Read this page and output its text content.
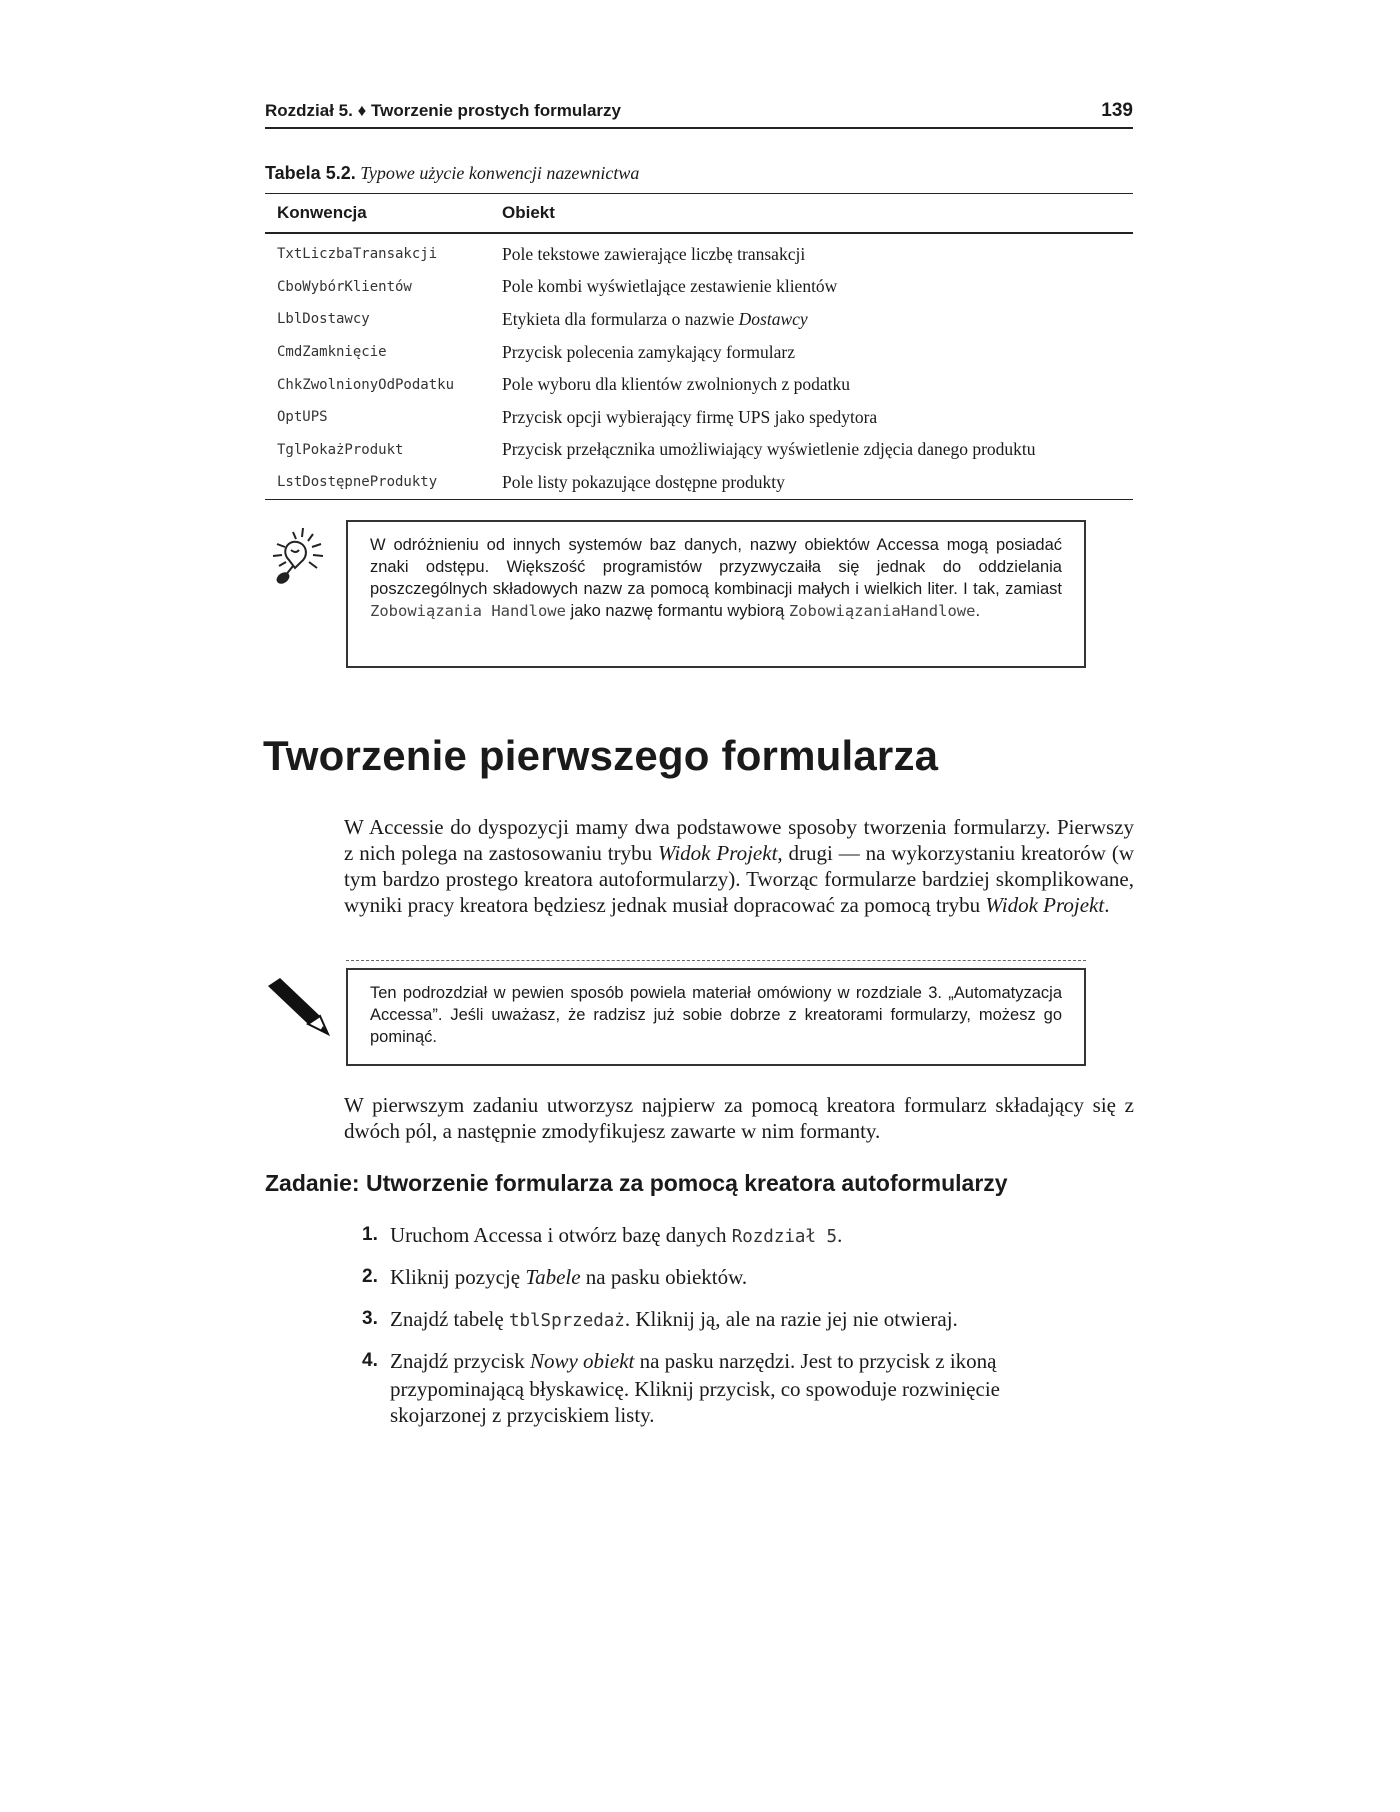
Rozdział 5. ♦ Tworzenie prostych formularzy	139
Tabela 5.2. Typowe użycie konwencji nazewnictwa
Konwencja	Obiekt
TxtLiczbaTransakcji	Pole tekstowe zawierające liczbę transakcji
CboWybórKlientów	Pole kombi wyświetlające zestawienie klientów
LblDostawcy	Etykieta dla formularza o nazwie Dostawcy
CmdZamknięcie	Przycisk polecenia zamykający formularz
ChkZwolnionyOdPodatku	Pole wyboru dla klientów zwolnionych z podatku
OptUPS	Przycisk opcji wybierający firmę UPS jako spedytora
TglPokażProdukt	Przycisk przełącznika umożliwiający wyświetlenie zdjęcia danego produktu
LstDostępneProdukty	Pole listy pokazujące dostępne produkty
W odróżnieniu od innych systemów baz danych, nazwy obiektów Accessa mogą posiadać znaki odstępu. Większość programistów przyzwyczaiła się jednak do oddzielania poszczególnych składowych nazw za pomocą kombinacji małych i wielkich liter. I tak, zamiast Zobowiązania Handlowe jako nazwę formantu wybiorą ZobowiązaniaHandlowe.
Tworzenie pierwszego formularza

W Accessie do dyspozycji mamy dwa podstawowe sposoby tworzenia formularzy. Pierwszy z nich polega na zastosowaniu trybu Widok Projekt, drugi — na wykorzystaniu kreatorów (w tym bardzo prostego kreatora autoformularzy). Tworząc formularze bardziej skomplikowane, wyniki pracy kreatora będziesz jednak musiał dopracować za pomocą trybu Widok Projekt.

Ten podrozdział w pewien sposób powiela materiał omówiony w rozdziale 3. „Automatyzacja Accessa”. Jeśli uważasz, że radzisz już sobie dobrze z kreatorami formularzy, możesz go pominąć.

W pierwszym zadaniu utworzysz najpierw za pomocą kreatora formularz składający się z dwóch pól, a następnie zmodyfikujesz zawarte w nim formanty.

Zadanie: Utworzenie formularza za pomocą kreatora autoformularzy
1. Uruchom Accessa i otwórz bazę danych Rozdział 5.
2. Kliknij pozycję Tabele na pasku obiektów.
3. Znajdź tabelę tblSprzedaż. Kliknij ją, ale na razie jej nie otwieraj.
4. Znajdź przycisk Nowy obiekt na pasku narzędzi. Jest to przycisk z ikoną przypominającą błyskawicę. Kliknij przycisk, co spowoduje rozwinięcie skojarzonej z przyciskiem listy.
